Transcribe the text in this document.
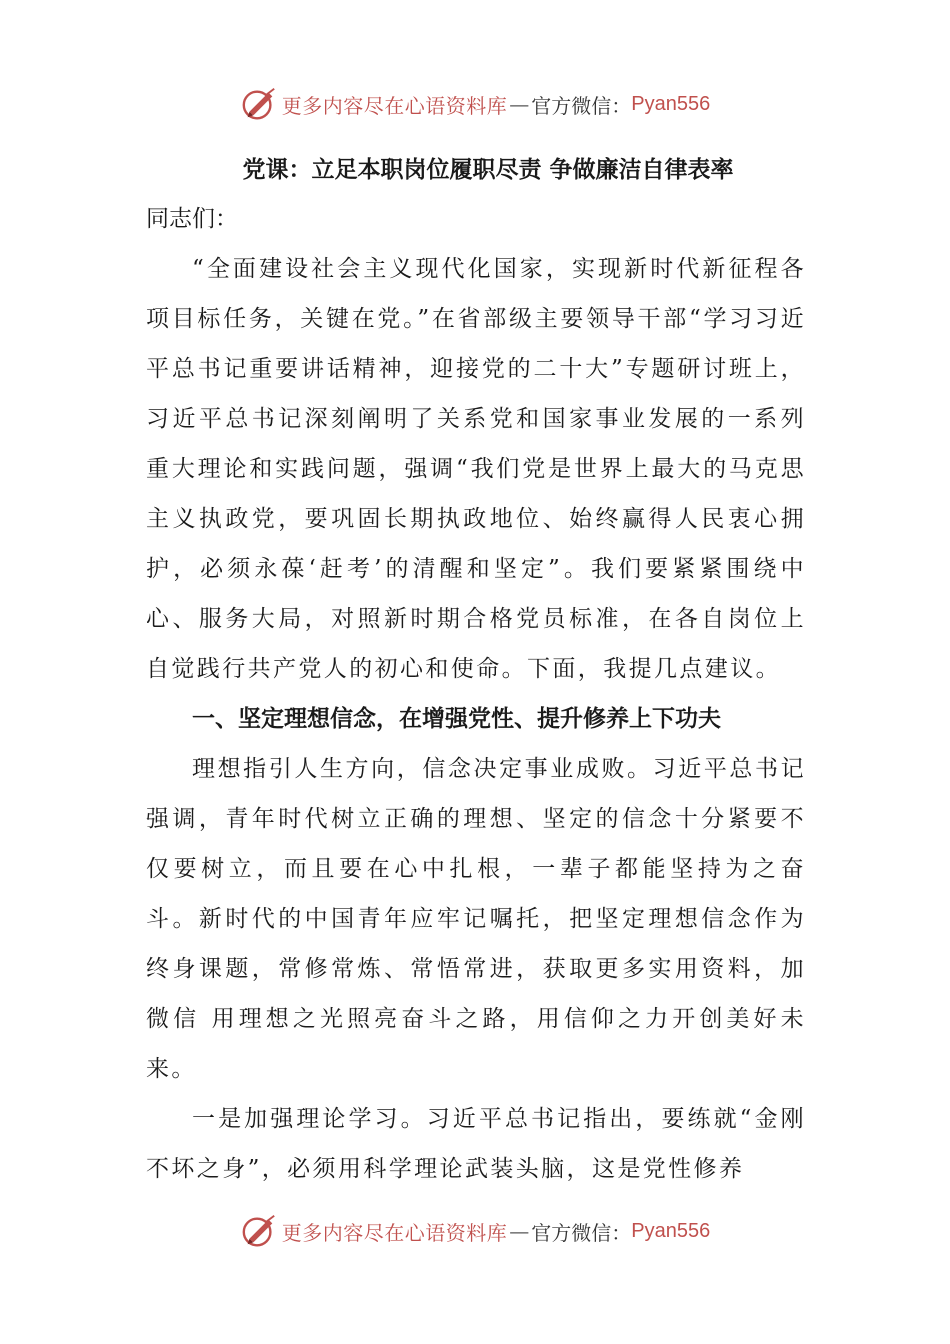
更多内容尽在心语资料库 — 官方微信： Pyan556
党课：立足本职岗位履职尽责 争做廉洁自律表率
同志们：

“全面建设社会主义现代化国家，实现新时代新征程各项目标任务，关键在党。”在省部级主要领导干部“学习习近平总书记重要讲话精神，迎接党的二十大”专题研讨班上，习近平总书记深刻阐明了关系党和国家事业发展的一系列重大理论和实践问题，强调“我们党是世界上最大的马克思主义执政党，要巩固长期执政地位、始终赢得人民衷心拥护，必须永葆‘赶考’的清醒和坚定”。我们要紧紧围绕中心、服务大局，对照新时期合格党员标准，在各自岗位上自觉践行共产党人的初心和使命。下面，我提几点建议。

一、坚定理想信念，在增强党性、提升修养上下功夫

理想指引人生方向，信念决定事业成败。习近平总书记强调，青年时代树立正确的理想、坚定的信念十分紧要不仅要树立，而且要在心中扎根，一辈子都能坚持为之奋斗。新时代的中国青年应牢记嘱托，把坚定理想信念作为终身课题，常修常炼、常悟常进，获取更多实用资料，加微信 用理想之光照亮奋斗之路，用信仰之力开创美好未来。

一是加强理论学习。习近平总书记指出，要练就“金刚不坏之身”，必须用科学理论武装头脑，这是党性修养

更多内容尽在心语资料库 — 官方微信： Pyan556
